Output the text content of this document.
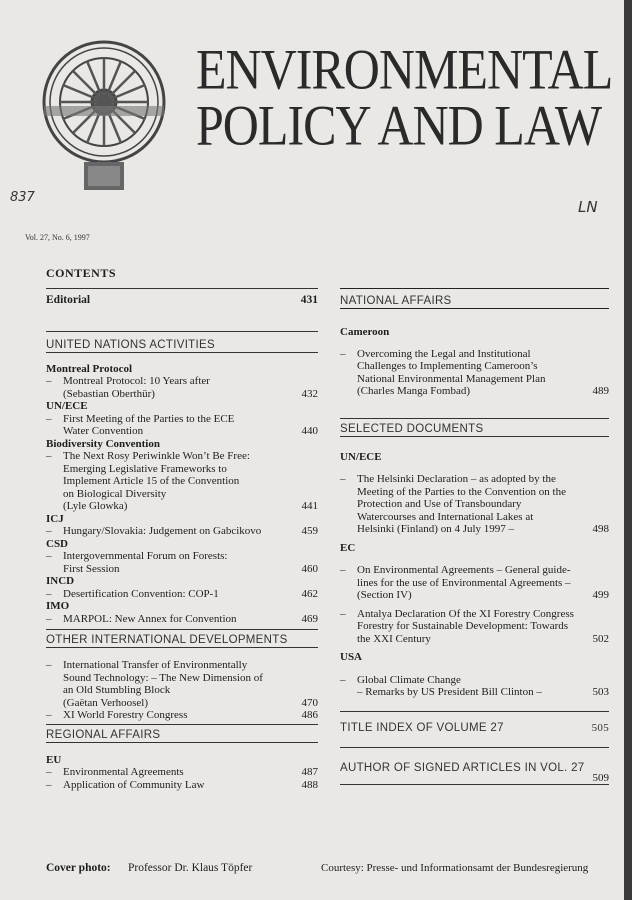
ENVIRONMENTAL
POLICY AND LAW
837
LN
Vol. 27, No. 6, 1997
CONTENTS
Editorial	431
UNITED NATIONS ACTIVITIES
Montreal Protocol
–	Montreal Protocol: 10 Years after
(Sebastian Oberthür)	432
UN/ECE
–	First Meeting of the Parties to the ECE
Water Convention	440
Biodiversity Convention
–	The Next Rosy Periwinkle Won’t Be Free:
Emerging Legislative Frameworks to
Implement Article 15 of the Convention
on Biological Diversity
(Lyle Glowka)	441
ICJ
–	Hungary/Slovakia: Judgement on Gabcikovo	459
CSD
–	Intergovernmental Forum on Forests:
First Session	460
INCD
–	Desertification Convention: COP-1	462
IMO
–	MARPOL: New Annex for Convention	469
OTHER INTERNATIONAL DEVELOPMENTS
–	International Transfer of Environmentally
Sound Technology: – The New Dimension of
an Old Stumbling Block
(Gaëtan Verhoosel)	470
–	XI World Forestry Congress	486
REGIONAL AFFAIRS
EU
–	Environmental Agreements	487
–	Application of Community Law	488
NATIONAL AFFAIRS
Cameroon
–	Overcoming the Legal and Institutional
Challenges to Implementing Cameroon’s
National Environmental Management Plan
(Charles Manga Fombad)	489
SELECTED DOCUMENTS
UN/ECE
–	The Helsinki Declaration – as adopted by the
Meeting of the Parties to the Convention on the
Protection and Use of Transboundary
Watercourses and International Lakes at
Helsinki (Finland) on 4 July 1997 –	498
EC
–	On Environmental Agreements – General guide-
lines for the use of Environmental Agreements –
(Section IV)	499
–	Antalya Declaration Of the XI Forestry Congress
Forestry for Sustainable Development: Towards
the XXI Century	502
USA
–	Global Climate Change
– Remarks by US President Bill Clinton –	503
TITLE INDEX OF VOLUME 27	505
AUTHOR OF SIGNED ARTICLES IN VOL. 27
509
Cover photo: Professor Dr. Klaus Töpfer	Courtesy: Presse- und Informationsamt der Bundesregierung
